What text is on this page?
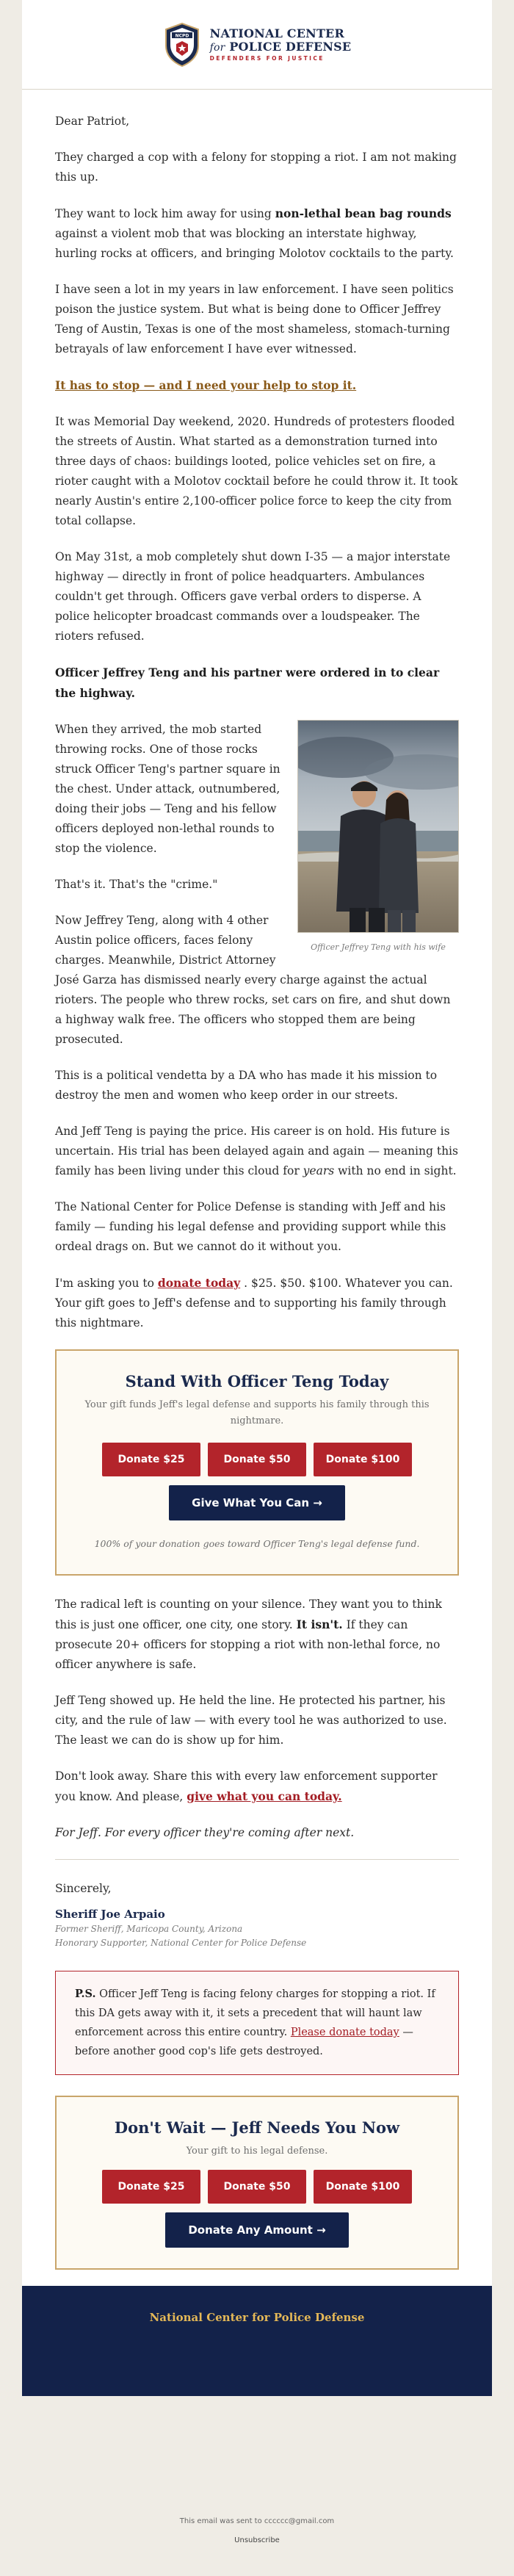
NCPD NATIONAL CENTER
for POLICE DEFENSE
DEFENDERS FOR JUSTICE

Dear Patriot,

They charged a cop with a felony for stopping a riot. I am not making this up.

They want to lock him away for using non-lethal bean bag rounds against a violent mob that was blocking an interstate highway, hurling rocks at officers, and bringing Molotov cocktails to the party.

I have seen a lot in my years in law enforcement. I have seen politics poison the justice system. But what is being done to Officer Jeffrey Teng of Austin, Texas is one of the most shameless, stomach-turning betrayals of law enforcement I have ever witnessed.

It has to stop — and I need your help to stop it.

It was Memorial Day weekend, 2020. Hundreds of protesters flooded the streets of Austin. What started as a demonstration turned into three days of chaos: buildings looted, police vehicles set on fire, a rioter caught with a Molotov cocktail before he could throw it. It took nearly Austin's entire 2,100-officer police force to keep the city from total collapse.

On May 31st, a mob completely shut down I-35 — a major interstate highway — directly in front of police headquarters. Ambulances couldn't get through. Officers gave verbal orders to disperse. A police helicopter broadcast commands over a loudspeaker. The rioters refused.

Officer Jeffrey Teng and his partner were ordered in to clear the highway.

Officer Jeffrey Teng with his wife

When they arrived, the mob started throwing rocks. One of those rocks struck Officer Teng's partner square in the chest. Under attack, outnumbered, doing their jobs — Teng and his fellow officers deployed non-lethal rounds to stop the violence.

That's it. That's the "crime."

Now Jeffrey Teng, along with 4 other Austin police officers, faces felony charges. Meanwhile, District Attorney

José Garza has dismissed nearly every charge against the actual rioters. The people who threw rocks, set cars on fire, and shut down a highway walk free. The officers who stopped them are being prosecuted.

This is a political vendetta by a DA who has made it his mission to destroy the men and women who keep order in our streets.

And Jeff Teng is paying the price. His career is on hold. His future is uncertain. His trial has been delayed again and again — meaning this family has been living under this cloud for years with no end in sight.

The National Center for Police Defense is standing with Jeff and his family — funding his legal defense and providing support while this ordeal drags on. But we cannot do it without you.

I'm asking you to donate today . $25. $50. $100. Whatever you can. Your gift goes to Jeff's defense and to supporting his family through this nightmare.

Stand With Officer Teng Today
Your gift funds Jeff's legal defense and supports his family through this nightmare.
Donate $25	Donate $50	Donate $100
Give What You Can →
100% of your donation goes toward Officer Teng's legal defense fund.

The radical left is counting on your silence. They want you to think this is just one officer, one city, one story. It isn't. If they can prosecute 20+ officers for stopping a riot with non-lethal force, no officer anywhere is safe.

Jeff Teng showed up. He held the line. He protected his partner, his city, and the rule of law — with every tool he was authorized to use. The least we can do is show up for him.

Don't look away. Share this with every law enforcement supporter you know. And please, give what you can today.

For Jeff. For every officer they're coming after next.

Sincerely,

Sheriff Joe Arpaio
Former Sheriff, Maricopa County, Arizona
Honorary Supporter, National Center for Police Defense
P.S. Officer Jeff Teng is facing felony charges for stopping a riot. If this DA gets away with it, it sets a precedent that will haunt law enforcement across this entire country. Please donate today — before another good cop's life gets destroyed.
Don't Wait — Jeff Needs You Now
Your gift to his legal defense.
Donate $25	Donate $50	Donate $100
Donate Any Amount →
National Center for Police Defense
This email was sent to cccccc@gmail.com
Unsubscribe
